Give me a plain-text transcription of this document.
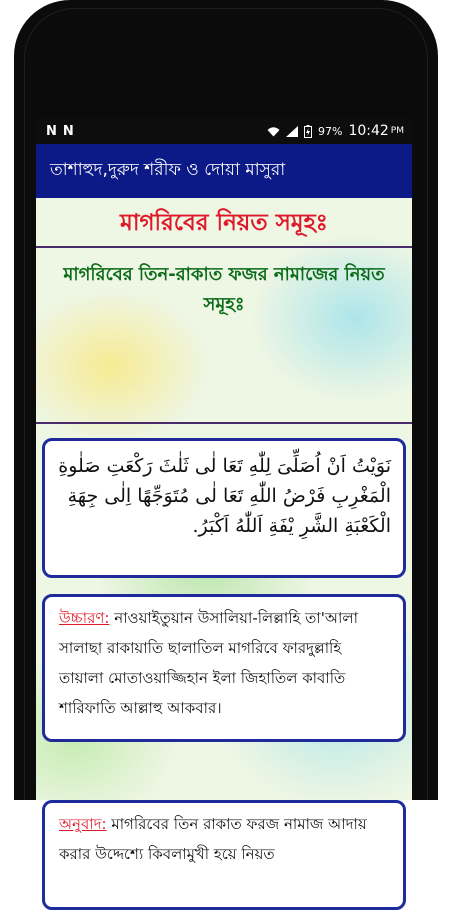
N N	97% 10:42 PM
তাশাহুদ,দুরুদ শরীফ ও দোয়া মাসুরা
মাগরিবের নিয়ত সমূহঃ
মাগরিবের তিন-রাকাত ফজর নামাজের নিয়ত সমূহঃ
نَوَيْتُ اَنْ اُصَلِّىَ لِلّٰهِ تَعَا لٰى ثَلٰثَ رَكْعَتِ صَلٰوةِ الْمَغْرِبِ فَرْضُ اللّٰهِ تَعَا لٰى مُتَوَجِّهًا اِلٰى جِهَةِ الْكَعْبَةِ الشَّرِ يْفَةِ اَللّٰهُ اَكْبَرُ.
উচ্চারণ: নাওয়াইতুয়ান উসালিয়া-লিল্লাহি তা'আলা সালাছা রাকায়াতি ছালাতিল মাগরিবে ফারদুল্লাহি তায়ালা মোতাওয়াজ্জিহান ইলা জিহাতিল কাবাতি শারিফাতি আল্লাহু আকবার।
অনুবাদ: মাগরিবের তিন রাকাত ফরজ নামাজ আদায় করার উদ্দেশ্যে কিবলামুখী হয়ে নিয়ত
